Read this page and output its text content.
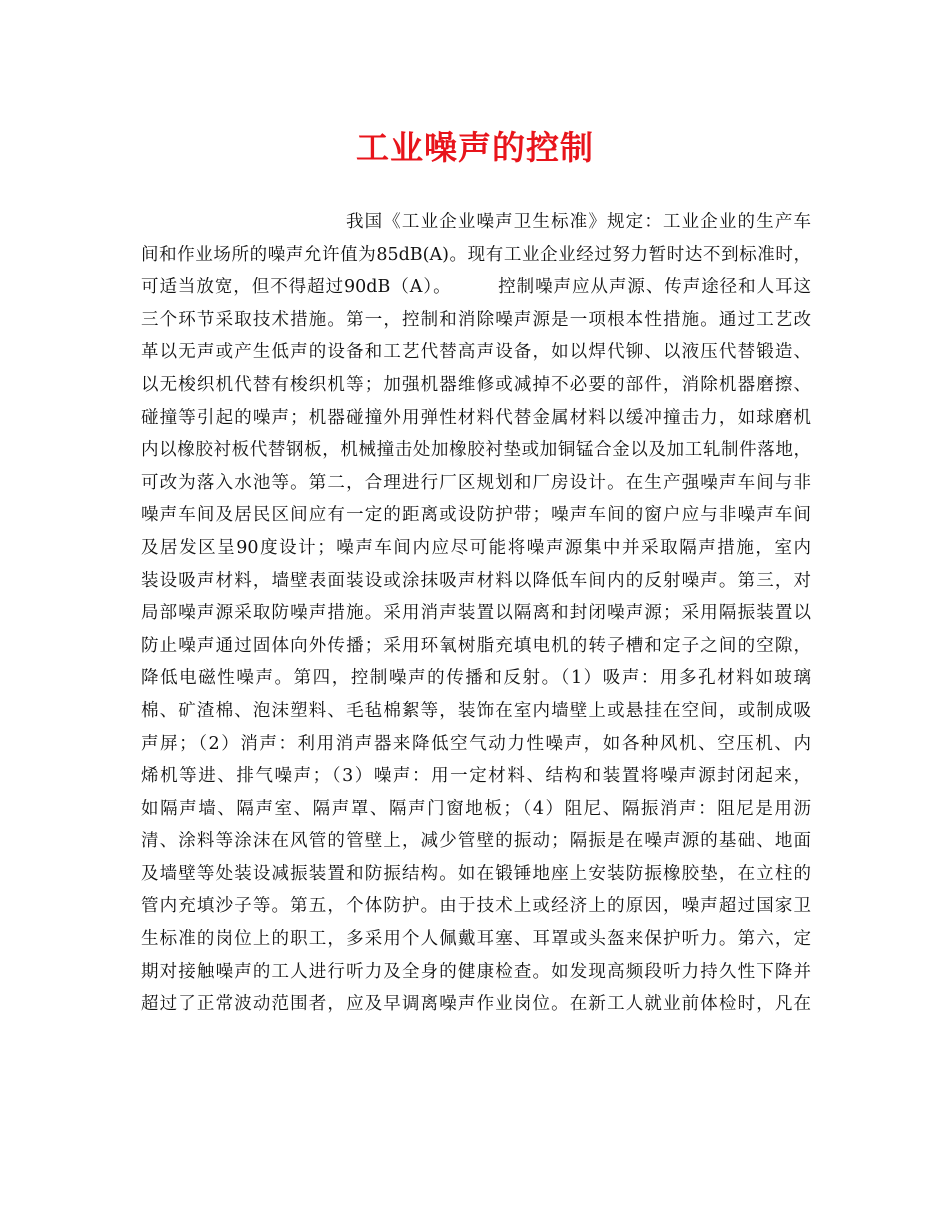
工业噪声的控制
我国《工业企业噪声卫生标准》规定：工业企业的生产车
间和作业场所的噪声允许值为85dB(A)。现有工业企业经过努力暂时达不到标准时，
可适当放宽，但不得超过90dB（A）。　　　控制噪声应从声源、传声途径和人耳这
三个环节采取技术措施。第一，控制和消除噪声源是一项根本性措施。通过工艺改
革以无声或产生低声的设备和工艺代替高声设备，如以焊代铆、以液压代替锻造、
以无梭织机代替有梭织机等；加强机器维修或减掉不必要的部件，消除机器磨擦、
碰撞等引起的噪声；机器碰撞外用弹性材料代替金属材料以缓冲撞击力，如球磨机
内以橡胶衬板代替钢板，机械撞击处加橡胶衬垫或加铜锰合金以及加工轧制件落地，
可改为落入水池等。第二，合理进行厂区规划和厂房设计。在生产强噪声车间与非
噪声车间及居民区间应有一定的距离或设防护带；噪声车间的窗户应与非噪声车间
及居发区呈90度设计；噪声车间内应尽可能将噪声源集中并采取隔声措施，室内
装设吸声材料，墙壁表面装设或涂抹吸声材料以降低车间内的反射噪声。第三，对
局部噪声源采取防噪声措施。采用消声装置以隔离和封闭噪声源；采用隔振装置以
防止噪声通过固体向外传播；采用环氧树脂充填电机的转子槽和定子之间的空隙，
降低电磁性噪声。第四，控制噪声的传播和反射。（1）吸声：用多孔材料如玻璃
棉、矿渣棉、泡沫塑料、毛毡棉絮等，装饰在室内墙壁上或悬挂在空间，或制成吸
声屏；（2）消声：利用消声器来降低空气动力性噪声，如各种风机、空压机、内
烯机等进、排气噪声；（3）噪声：用一定材料、结构和装置将噪声源封闭起来，
如隔声墙、隔声室、隔声罩、隔声门窗地板；（4）阻尼、隔振消声：阻尼是用沥
清、涂料等涂沫在风管的管壁上，减少管壁的振动；隔振是在噪声源的基础、地面
及墙壁等处装设减振装置和防振结构。如在锻锤地座上安装防振橡胶垫，在立柱的
管内充填沙子等。第五，个体防护。由于技术上或经济上的原因，噪声超过国家卫
生标准的岗位上的职工，多采用个人佩戴耳塞、耳罩或头盔来保护听力。第六，定
期对接触噪声的工人进行听力及全身的健康检查。如发现高频段听力持久性下降并
超过了正常波动范围者，应及早调离噪声作业岗位。在新工人就业前体检时，凡在
